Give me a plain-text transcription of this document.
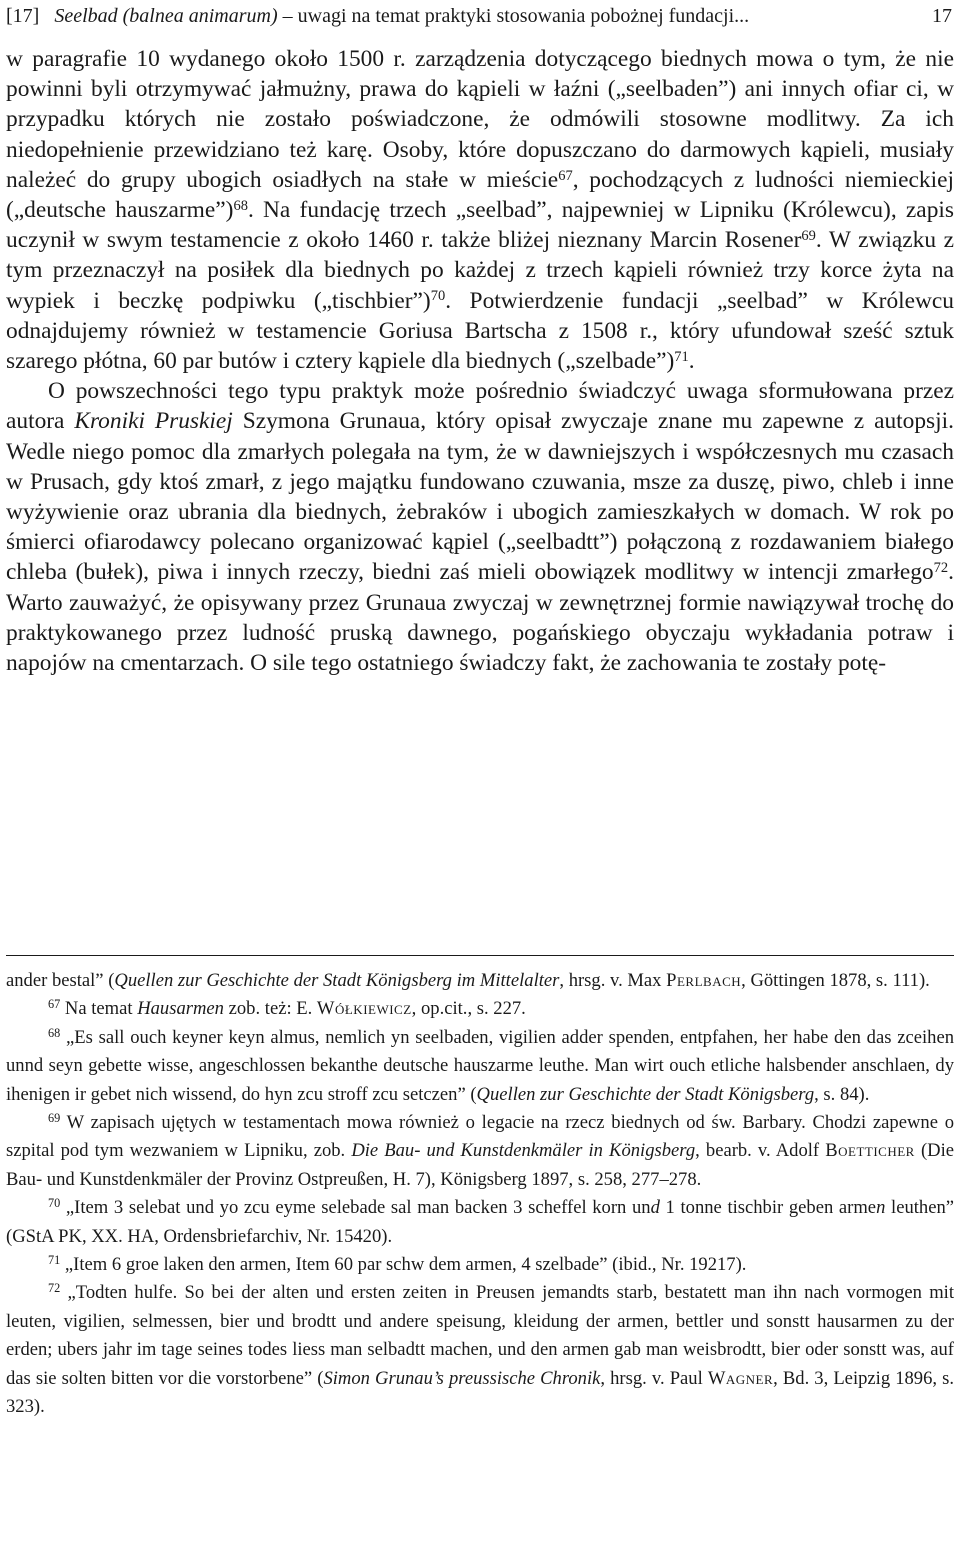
[17] Seelbad (balnea animarum) – uwagi na temat praktyki stosowania pobożnej fundacji...	17

w paragrafie 10 wydanego około 1500 r. zarządzenia dotyczącego biednych mowa o tym, że nie powinni byli otrzymywać jałmużny, prawa do kąpieli w łaźni („seelbaden”) ani innych ofiar ci, w przypadku których nie zostało poświadczone, że odmówili stosowne modlitwy. Za ich niedopełnienie przewidziano też karę. Osoby, które dopuszczano do darmowych kąpieli, musiały należeć do grupy ubogich osiadłych na stałe w mieście$^{67}$, pochodzących z ludności niemieckiej („deutsche hauszarme”)$^{68}$. Na fundację trzech „seelbad”, najpewniej w Lipniku (Królewcu), zapis uczynił w swym testamencie z około 1460 r. także bliżej nieznany Marcin Rosener$^{69}$. W związku z tym przeznaczył na posiłek dla biednych po każdej z trzech kąpieli również trzy korce żyta na wypiek i beczkę podpiwku („tischbier”)$^{70}$. Potwierdzenie fundacji „seelbad” w Królewcu odnajdujemy również w testamencie Goriusa Bartscha z 1508 r., który ufundował sześć sztuk szarego płótna, 60 par butów i cztery kąpiele dla biednych („szelbade”)$^{71}$.

O powszechności tego typu praktyk może pośrednio świadczyć uwaga sformułowana przez autora Kroniki Pruskiej Szymona Grunaua, który opisał zwyczaje znane mu zapewne z autopsji. Wedle niego pomoc dla zmarłych polegała na tym, że w dawniejszych i współczesnych mu czasach w Prusach, gdy ktoś zmarł, z jego majątku fundowano czuwania, msze za duszę, piwo, chleb i inne wyżywienie oraz ubrania dla biednych, żebraków i ubogich zamieszkałych w domach. W rok po śmierci ofiarodawcy polecano organizować kąpiel („seelbadtt”) połączoną z rozdawaniem białego chleba (bułek), piwa i innych rzeczy, biedni zaś mieli obowiązek modlitwy w intencji zmarłego$^{72}$. Warto zauważyć, że opisywany przez Grunaua zwyczaj w zewnętrznej formie nawiązywał trochę do praktykowanego przez ludność pruską dawnego, pogańskiego obyczaju wykładania potraw i napojów na cmentarzach. O sile tego ostatniego świadczy fakt, że zachowania te zostały potę-

ander bestal” (Quellen zur Geschichte der Stadt Königsberg im Mittelalter, hrsg. v. Max Perlbach, Göttingen 1878, s. 111).

$^{67}$ Na temat Hausarmen zob. też: E. Wółkiewicz, op.cit., s. 227.

$^{68}$ „Es sall ouch keyner keyn almus, nemlich yn seelbaden, vigilien adder spenden, entpfahen, her habe den das zceihen unnd seyn gebette wisse, angeschlossen bekanthe deutsche hauszarme leuthe. Man wirt ouch etliche halsbender anschlaen, dy ihenigen ir gebet nich wissend, do hyn zcu stroff zcu setczen” (Quellen zur Geschichte der Stadt Königsberg, s. 84).

$^{69}$ W zapisach ujętych w testamentach mowa również o legacie na rzecz biednych od św. Barbary. Chodzi zapewne o szpital pod tym wezwaniem w Lipniku, zob. Die Bau- und Kunstdenkmäler in Königsberg, bearb. v. Adolf Boetticher (Die Bau- und Kunstdenkmäler der Provinz Ostpreußen, H. 7), Königsberg 1897, s. 258, 277–278.

$^{70}$ „Item 3 selebat und yo zcu eyme selebade sal man backen 3 scheffel korn und 1 tonne tischbir geben armen leuthen” (GStA PK, XX. HA, Ordensbriefarchiv, Nr. 15420).

$^{71}$ „Item 6 groe laken den armen, Item 60 par schw dem armen, 4 szelbade” (ibid., Nr. 19217).

$^{72}$ „Todten hulfe. So bei der alten und ersten zeiten in Preusen jemandts starb, bestatett man ihn nach vormogen mit leuten, vigilien, selmessen, bier und brodtt und andere speisung, kleidung der armen, bettler und sonstt hausarmen zu der erden; ubers jahr im tage seines todes liess man selbadtt machen, und den armen gab man weisbrodtt, bier oder sonstt was, auf das sie solten bitten vor die vorstorbene” (Simon Grunau’s preussische Chronik, hrsg. v. Paul Wagner, Bd. 3, Leipzig 1896, s. 323).
